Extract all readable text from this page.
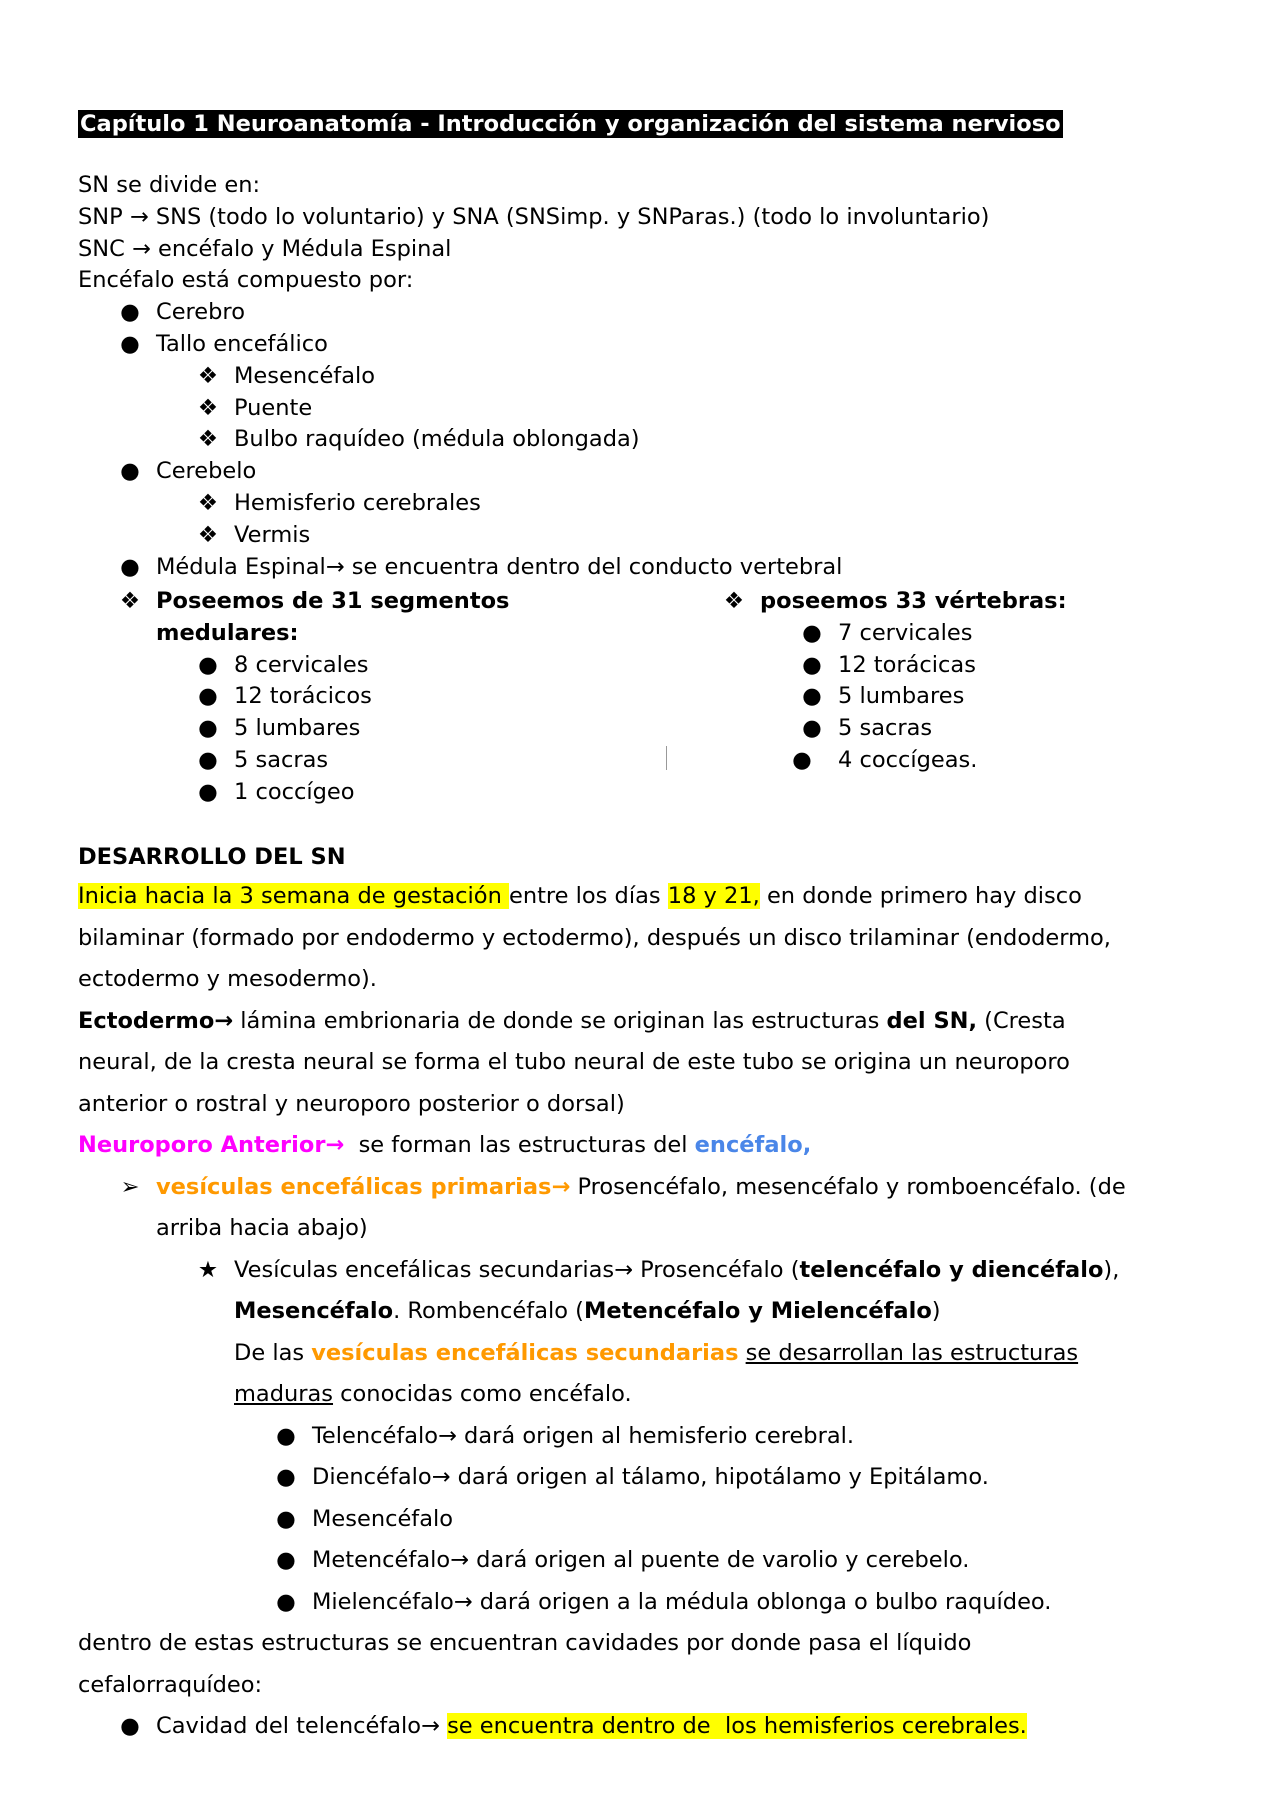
Capítulo 1 Neuroanatomía - Introducción y organización del sistema nervioso
SN se divide en:
SNP → SNS (todo lo voluntario) y SNA (SNSimp. y SNParas.) (todo lo involuntario)
SNC → encéfalo y Médula Espinal
Encéfalo está compuesto por:
● Cerebro
● Tallo encefálico
❖ Mesencéfalo
❖ Puente
❖ Bulbo raquídeo (médula oblongada)
● Cerebelo
❖ Hemisferio cerebrales
❖ Vermis
● Médula Espinal→ se encuentra dentro del conducto vertebral
❖ Poseemos de 31 segmentos
medulares:
● 8 cervicales
● 12 torácicos
● 5 lumbares
● 5 sacras
● 1 coccígeo
❖ poseemos 33 vértebras:
● 7 cervicales
● 12 torácicas
● 5 lumbares
● 5 sacras
● 4 coccígeas.
DESARROLLO DEL SN
Inicia hacia la 3 semana de gestación entre los días 18 y 21, en donde primero hay disco
bilaminar (formado por endodermo y ectodermo), después un disco trilaminar (endodermo,
ectodermo y mesodermo).
Ectodermo→ lámina embrionaria de donde se originan las estructuras del SN, (Cresta
neural, de la cresta neural se forma el tubo neural de este tubo se origina un neuroporo
anterior o rostral y neuroporo posterior o dorsal)
Neuroporo Anterior→  se forman las estructuras del encéfalo,
➢ vesículas encefálicas primarias→ Prosencéfalo, mesencéfalo y romboencéfalo. (de
arriba hacia abajo)
★ Vesículas encefálicas secundarias→ Prosencéfalo (telencéfalo y diencéfalo),
Mesencéfalo. Rombencéfalo (Metencéfalo y Mielencéfalo)
De las vesículas encefálicas secundarias se desarrollan las estructuras
maduras conocidas como encéfalo.
● Telencéfalo→ dará origen al hemisferio cerebral.
● Diencéfalo→ dará origen al tálamo, hipotálamo y Epitálamo.
● Mesencéfalo
● Metencéfalo→ dará origen al puente de varolio y cerebelo.
● Mielencéfalo→ dará origen a la médula oblonga o bulbo raquídeo.
dentro de estas estructuras se encuentran cavidades por donde pasa el líquido
cefalorraquídeo:
● Cavidad del telencéfalo→ se encuentra dentro de  los hemisferios cerebrales.
